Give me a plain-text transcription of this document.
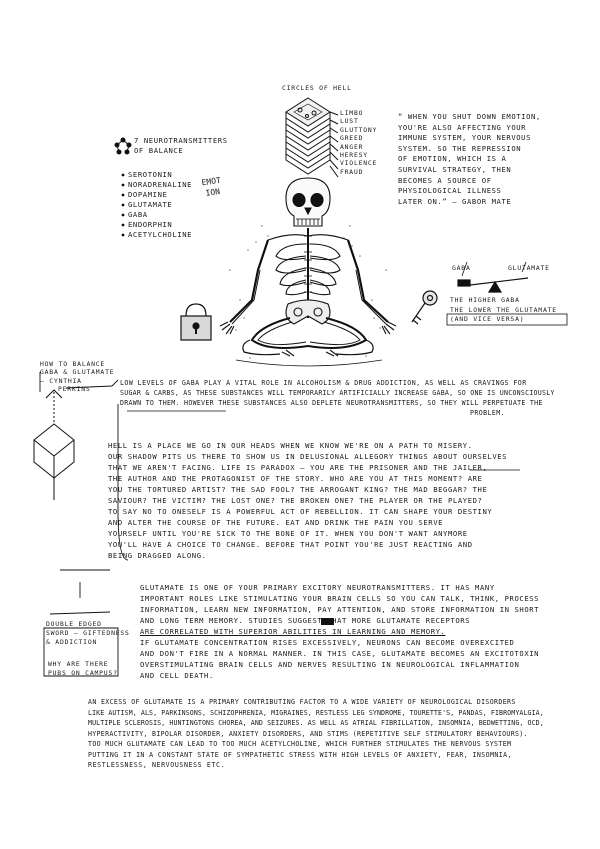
CIRCLES OF HELL
LIMBO
LUST
GLUTTONY
GREED
ANGER
HERESY
VIOLENCE
FRAUD
7 NEUROTRANSMITTERS
OF BALANCE
SEROTONIN
NORADRENALINE
DOPAMINE
GLUTAMATE
GABA
ENDORPHIN
ACETYLCHOLINE
EMOTION
“ WHEN YOU SHUT DOWN EMOTION,
YOU'RE ALSO AFFECTING YOUR
IMMUNE SYSTEM, YOUR NERVOUS
SYSTEM. SO THE REPRESSION
OF EMOTION, WHICH IS A
SURVIVAL STRATEGY, THEN
BECOMES A SOURCE OF
PHYSIOLOGICAL ILLNESS
LATER ON.” – GABOR MATE
GABA	GLUTAMATE
THE HIGHER GABA
THE LOWER THE GLUTAMATE
(AND VICE VERSA)
HOW TO BALANCE
GABA & GLUTAMATE
– CYNTHIA
PERKINS
LOW LEVELS OF GABA PLAY A VITAL ROLE IN ALCOHOLISM & DRUG ADDICTION, AS WELL AS CRAVINGS FOR
SUGAR & CARBS, AS THESE SUBSTANCES WILL TEMPORARILY ARTIFICIALLY INCREASE GABA, SO ONE IS UNCONSCIOUSLY
DRAWN TO THEM. HOWEVER THESE SUBSTANCES ALSO DEPLETE NEUROTRANSMITTERS, SO THEY WILL PERPETUATE THE
PROBLEM.
HELL IS A PLACE WE GO IN OUR HEADS WHEN WE KNOW WE'RE ON A PATH TO MISERY.
OUR SHADOW PITS US THERE TO SHOW US IN DELUSIONAL ALLEGORY THINGS ABOUT OURSELVES
THAT WE AREN'T FACING. LIFE IS PARADOX – YOU ARE THE PRISONER AND THE JAILER,
THE AUTHOR AND THE PROTAGONIST OF THE STORY. WHO ARE YOU AT THIS MOMENT? ARE
YOU THE TORTURED ARTIST? THE SAD FOOL? THE ARROGANT KING? THE MAD BEGGAR? THE
SAVIOUR? THE VICTIM? THE LOST ONE? THE BROKEN ONE? THE PLAYER OR THE PLAYED?
TO SAY NO TO ONESELF IS A POWERFUL ACT OF REBELLION. IT CAN SHAPE YOUR DESTINY
AND ALTER THE COURSE OF THE FUTURE. EAT AND DRINK THE PAIN YOU SERVE
YOURSELF UNTIL YOU'RE SICK TO THE BONE OF IT. WHEN YOU DON'T WANT ANYMORE
YOU'LL HAVE A CHOICE TO CHANGE. BEFORE THAT POINT YOU'RE JUST REACTING AND
BEING DRAGGED ALONG.
GLUTAMATE IS ONE OF YOUR PRIMARY EXCITORY NEUROTRANSMITTERS. IT HAS MANY
IMPORTANT ROLES LIKE STIMULATING YOUR BRAIN CELLS SO YOU CAN TALK, THINK, PROCESS
INFORMATION, LEARN NEW INFORMATION, PAY ATTENTION, AND STORE INFORMATION IN SHORT
AND LONG TERM MEMORY. STUDIES SUGGEST THAT MORE GLUTAMATE RECEPTORS
ARE CORRELATED WITH SUPERIOR ABILITIES IN LEARNING AND MEMORY.
IF GLUTAMATE CONCENTRATION RISES EXCESSIVELY, NEURONS CAN BECOME OVEREXCITED
AND DON'T FIRE IN A NORMAL MANNER. IN THIS CASE, GLUTAMATE BECOMES AN EXCITOTOXIN
OVERSTIMULATING BRAIN CELLS AND NERVES RESULTING IN NEUROLOGICAL INFLAMMATION
AND CELL DEATH.
DOUBLE EDGED
SWORD – GIFTEDNESS
& ADDICTION
WHY ARE THERE
PUBS ON CAMPUS?
AN EXCESS OF GLUTAMATE IS A PRIMARY CONTRIBUTING FACTOR TO A WIDE VARIETY OF NEUROLOGICAL DISORDERS
LIKE AUTISM, ALS, PARKINSONS, SCHIZOPHRENIA, MIGRAINES, RESTLESS LEG SYNDROME, TOURETTE'S, PANDAS, FIBROMYALGIA,
MULTIPLE SCLEROSIS, HUNTINGTONS CHOREA, AND SEIZURES. AS WELL AS ATRIAL FIBRILLATION, INSOMNIA, BEDWETTING, OCD,
HYPERACTIVITY, BIPOLAR DISORDER, ANXIETY DISORDERS, AND STIMS (REPETITIVE SELF STIMULATORY BEHAVIOURS).
TOO MUCH GLUTAMATE CAN LEAD TO TOO MUCH ACETYLCHOLINE, WHICH FURTHER STIMULATES THE NERVOUS SYSTEM
PUTTING IT IN A CONSTANT STATE OF SYMPATHETIC STRESS WITH HIGH LEVELS OF ANXIETY, FEAR, INSOMNIA,
RESTLESSNESS, NERVOUSNESS ETC.
